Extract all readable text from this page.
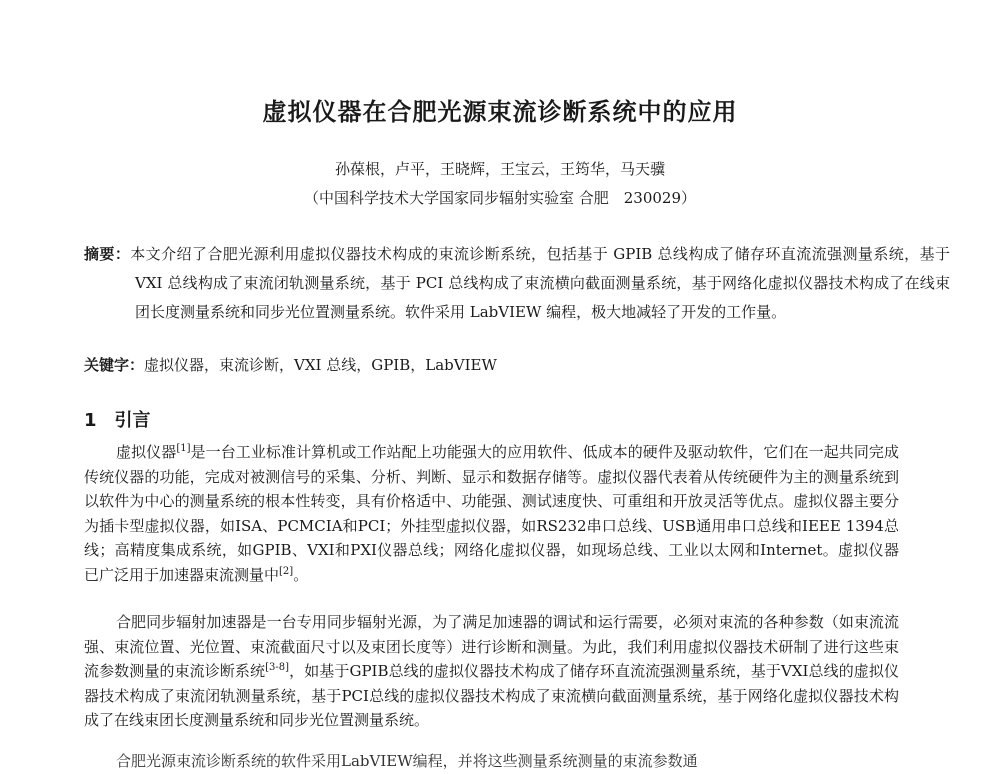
虚拟仪器在合肥光源束流诊断系统中的应用
孙葆根，卢平，王晓辉，王宝云，王筠华，马天骥
（中国科学技术大学国家同步辐射实验室 合肥　230029）
摘要：本文介绍了合肥光源利用虚拟仪器技术构成的束流诊断系统，包括基于 GPIB 总线构成了储存环直流流强测量系统，基于 VXI 总线构成了束流闭轨测量系统，基于 PCI 总线构成了束流横向截面测量系统，基于网络化虚拟仪器技术构成了在线束团长度测量系统和同步光位置测量系统。软件采用 LabVIEW 编程，极大地减轻了开发的工作量。
关键字：虚拟仪器，束流诊断，VXI 总线，GPIB，LabVIEW
1 引言

虚拟仪器[1]是一台工业标准计算机或工作站配上功能强大的应用软件、低成本的硬件及驱动软件，它们在一起共同完成传统仪器的功能，完成对被测信号的采集、分析、判断、显示和数据存储等。虚拟仪器代表着从传统硬件为主的测量系统到以软件为中心的测量系统的根本性转变，具有价格适中、功能强、测试速度快、可重组和开放灵活等优点。虚拟仪器主要分为插卡型虚拟仪器，如ISA、PCMCIA和PCI；外挂型虚拟仪器，如RS232串口总线、USB通用串口总线和IEEE 1394总线；高精度集成系统，如GPIB、VXI和PXI仪器总线；网络化虚拟仪器，如现场总线、工业以太网和Internet。虚拟仪器已广泛用于加速器束流测量中[2]。

合肥同步辐射加速器是一台专用同步辐射光源，为了满足加速器的调试和运行需要，必须对束流的各种参数（如束流流强、束流位置、光位置、束流截面尺寸以及束团长度等）进行诊断和测量。为此，我们利用虚拟仪器技术研制了进行这些束流参数测量的束流诊断系统[3-8]，如基于GPIB总线的虚拟仪器技术构成了储存环直流流强测量系统，基于VXI总线的虚拟仪器技术构成了束流闭轨测量系统，基于PCI总线的虚拟仪器技术构成了束流横向截面测量系统，基于网络化虚拟仪器技术构成了在线束团长度测量系统和同步光位置测量系统。

合肥光源束流诊断系统的软件采用LabVIEW编程，并将这些测量系统测量的束流参数通
